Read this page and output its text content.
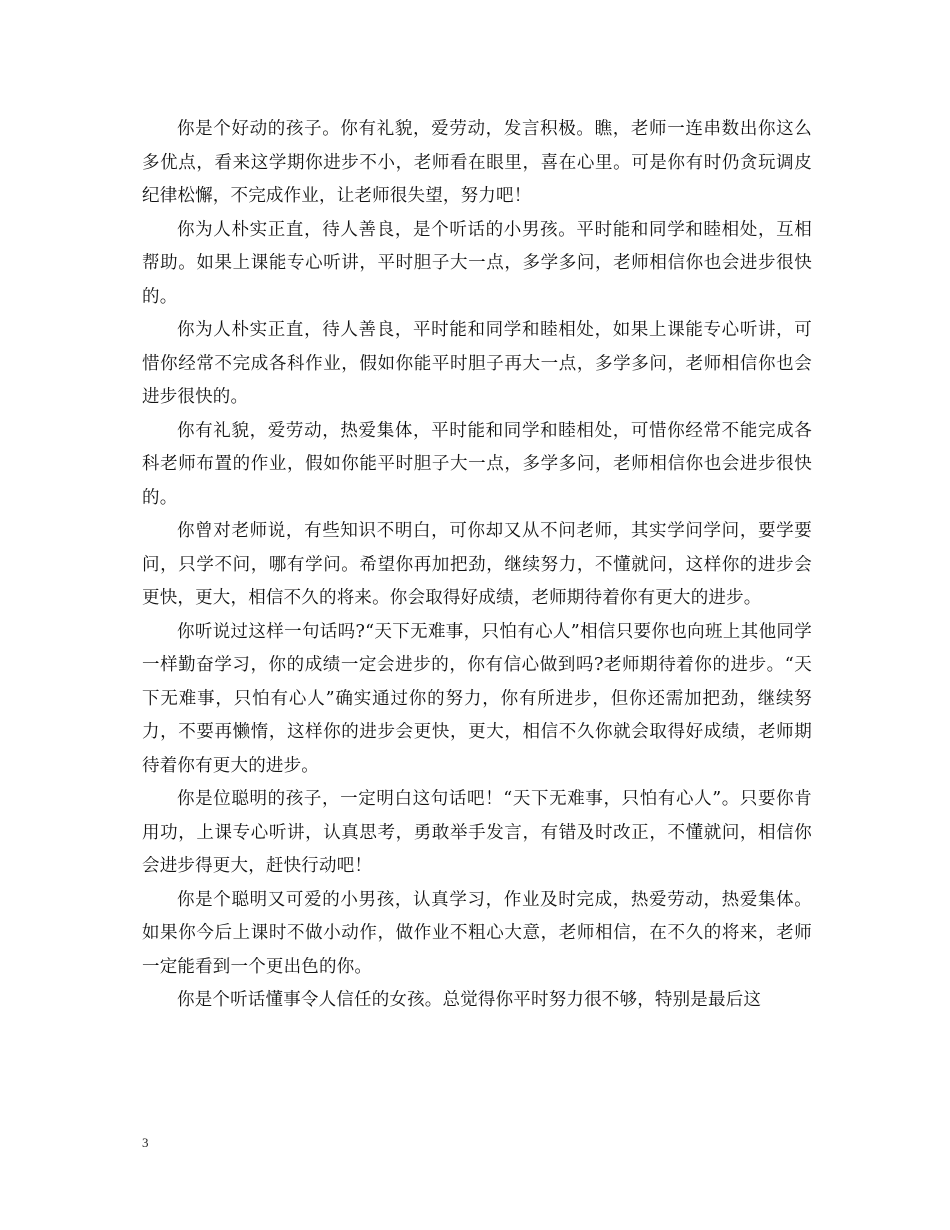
你是个好动的孩子。你有礼貌，爱劳动，发言积极。瞧，老师一连串数出你这么多优点，看来这学期你进步不小，老师看在眼里，喜在心里。可是你有时仍贪玩调皮纪律松懈，不完成作业，让老师很失望，努力吧！

你为人朴实正直，待人善良，是个听话的小男孩。平时能和同学和睦相处，互相帮助。如果上课能专心听讲，平时胆子大一点，多学多问，老师相信你也会进步很快的。

你为人朴实正直，待人善良，平时能和同学和睦相处，如果上课能专心听讲，可惜你经常不完成各科作业，假如你能平时胆子再大一点，多学多问，老师相信你也会进步很快的。

你有礼貌，爱劳动，热爱集体，平时能和同学和睦相处，可惜你经常不能完成各科老师布置的作业，假如你能平时胆子大一点，多学多问，老师相信你也会进步很快的。

你曾对老师说，有些知识不明白，可你却又从不问老师，其实学问学问，要学要问，只学不问，哪有学问。希望你再加把劲，继续努力，不懂就问，这样你的进步会更快，更大，相信不久的将来。你会取得好成绩，老师期待着你有更大的进步。

你听说过这样一句话吗?“天下无难事，只怕有心人”相信只要你也向班上其他同学一样勤奋学习，你的成绩一定会进步的，你有信心做到吗?老师期待着你的进步。“天下无难事，只怕有心人”确实通过你的努力，你有所进步，但你还需加把劲，继续努力，不要再懒惰，这样你的进步会更快，更大，相信不久你就会取得好成绩，老师期待着你有更大的进步。

你是位聪明的孩子，一定明白这句话吧！“天下无难事，只怕有心人”。只要你肯用功，上课专心听讲，认真思考，勇敢举手发言，有错及时改正，不懂就问，相信你会进步得更大，赶快行动吧！

你是个聪明又可爱的小男孩，认真学习，作业及时完成，热爱劳动，热爱集体。如果你今后上课时不做小动作，做作业不粗心大意，老师相信，在不久的将来，老师一定能看到一个更出色的你。

你是个听话懂事令人信任的女孩。总觉得你平时努力很不够，特别是最后这

3
